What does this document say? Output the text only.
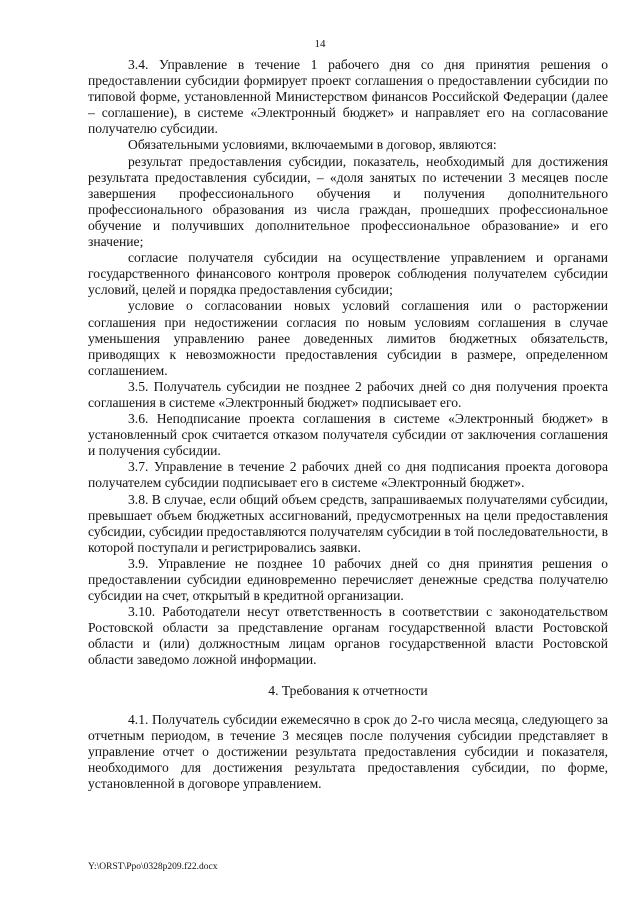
14

3.4. Управление в течение 1 рабочего дня со дня принятия решения о предоставлении субсидии формирует проект соглашения о предоставлении субсидии по типовой форме, установленной Министерством финансов Российской Федерации (далее – соглашение), в системе «Электронный бюджет» и направляет его на согласование получателю субсидии.

Обязательными условиями, включаемыми в договор, являются:

результат предоставления субсидии, показатель, необходимый для достижения результата предоставления субсидии, – «доля занятых по истечении 3 месяцев после завершения профессионального обучения и получения дополнительного профессионального образования из числа граждан, прошедших профессиональное обучение и получивших дополнительное профессиональное образование» и его значение;

согласие получателя субсидии на осуществление управлением и органами государственного финансового контроля проверок соблюдения получателем субсидии условий, целей и порядка предоставления субсидии;

условие о согласовании новых условий соглашения или о расторжении соглашения при недостижении согласия по новым условиям соглашения в случае уменьшения управлению ранее доведенных лимитов бюджетных обязательств, приводящих к невозможности предоставления субсидии в размере, определенном соглашением.

3.5. Получатель субсидии не позднее 2 рабочих дней со дня получения проекта соглашения в системе «Электронный бюджет» подписывает его.

3.6. Неподписание проекта соглашения в системе «Электронный бюджет» в установленный срок считается отказом получателя субсидии от заключения соглашения и получения субсидии.

3.7. Управление в течение 2 рабочих дней со дня подписания проекта договора получателем субсидии подписывает его в системе «Электронный бюджет».

3.8. В случае, если общий объем средств, запрашиваемых получателями субсидии, превышает объем бюджетных ассигнований, предусмотренных на цели предоставления субсидии, субсидии предоставляются получателям субсидии в той последовательности, в которой поступали и регистрировались заявки.

3.9. Управление не позднее 10 рабочих дней со дня принятия решения о предоставлении субсидии единовременно перечисляет денежные средства получателю субсидии на счет, открытый в кредитной организации.

3.10. Работодатели несут ответственность в соответствии с законодательством Ростовской области за представление органам государственной власти Ростовской области и (или) должностным лицам органов государственной власти Ростовской области заведомо ложной информации.

4. Требования к отчетности

4.1. Получатель субсидии ежемесячно в срок до 2-го числа месяца, следующего за отчетным периодом, в течение 3 месяцев после получения субсидии представляет в управление отчет о достижении результата предоставления субсидии и показателя, необходимого для достижения результата предоставления субсидии, по форме, установленной в договоре управлением.

Y:\ORST\Ppo\0328p209.f22.docx
